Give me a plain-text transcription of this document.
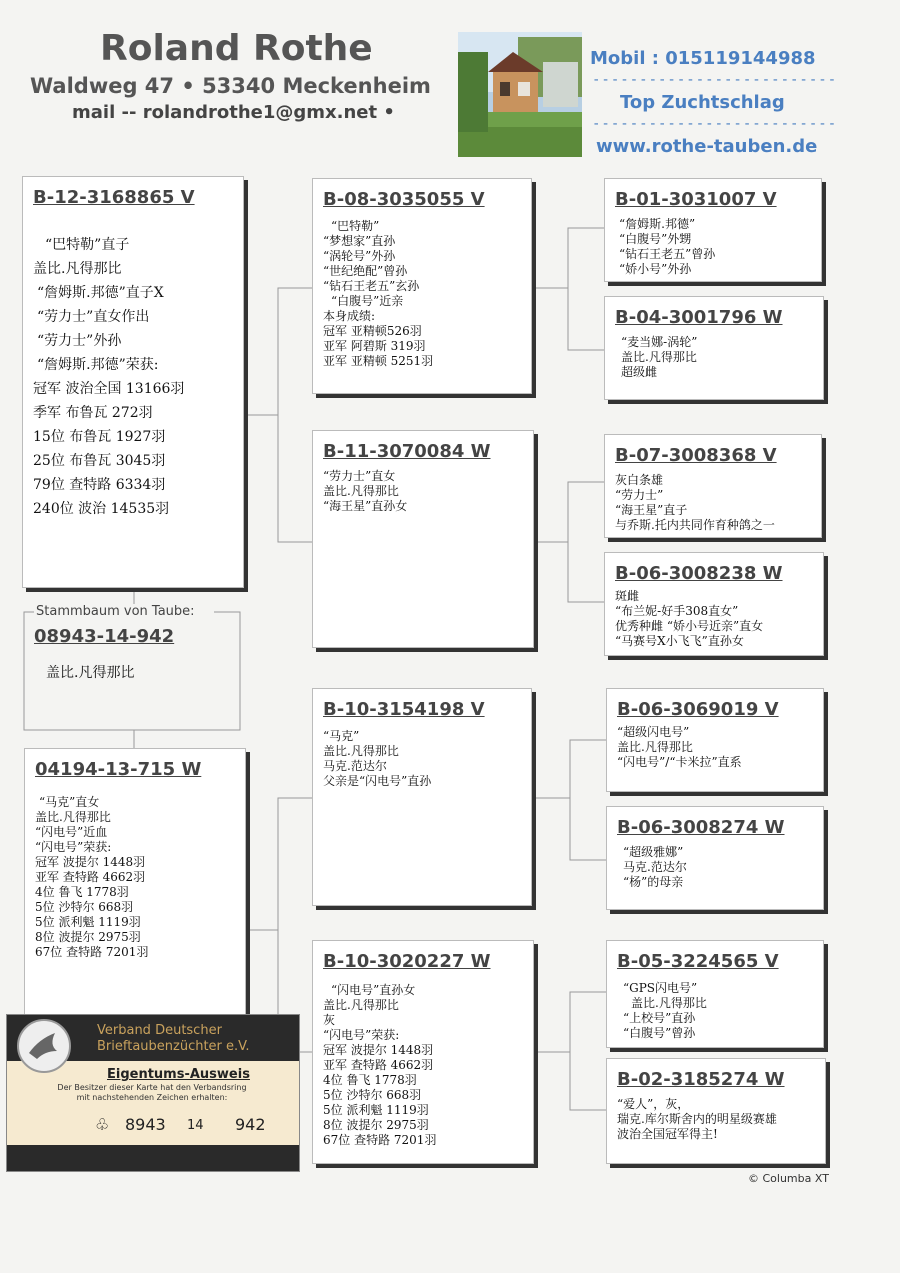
Roland Rothe
Waldweg 47 • 53340 Meckenheim
mail -- rolandrothe1@gmx.net •
Mobil : 015119144988
--------------------------
Top Zuchtschlag
--------------------------
www.rothe-tauben.de
Stammbaum von Taube:
08943-14-942
盖比.凡得那比
B-12-3168865 V
“巴特勒”直子
盖比.凡得那比
“詹姆斯.邦德”直子X
“劳力士”直女作出
“劳力士”外孙
“詹姆斯.邦德”荣获:
冠军 波治全国 13166羽
季军 布鲁瓦 272羽
15位 布鲁瓦 1927羽
25位 布鲁瓦 3045羽
79位 查特路 6334羽
240位 波治 14535羽
04194-13-715 W
“马克”直女
盖比.凡得那比
“闪电号”近血
“闪电号”荣获:
冠军 波提尔 1448羽
亚军 查特路 4662羽
4位 鲁飞 1778羽
5位 沙特尔 668羽
5位 派利魁 1119羽
8位 波提尔 2975羽
67位 查特路 7201羽
B-08-3035055 V
“巴特勒”
“梦想家”直孙
“涡轮号”外孙
“世纪绝配”曾孙
“钻石王老五”玄孙
“白腹号”近亲
本身成绩:
冠军 亚精顿526羽
亚军 阿碧斯 319羽
亚军 亚精顿 5251羽
B-11-3070084 W
“劳力士”直女
盖比.凡得那比
“海王星”直孙女
B-10-3154198 V
“马克”
盖比.凡得那比
马克.范达尔
父亲是“闪电号”直孙
B-10-3020227 W
“闪电号”直孙女
盖比.凡得那比
灰
“闪电号”荣获:
冠军 波提尔 1448羽
亚军 查特路 4662羽
4位 鲁飞 1778羽
5位 沙特尔 668羽
5位 派利魁 1119羽
8位 波提尔 2975羽
67位 查特路 7201羽
B-01-3031007 V
“詹姆斯.邦德”
“白腹号”外甥
“钻石王老五”曾孙
“娇小号”外孙
B-04-3001796 W
“麦当娜-涡轮”
盖比.凡得那比
超级雌
B-07-3008368 V
灰白条雄
“劳力士”
“海王星”直子
与乔斯.托内共同作育种鸽之一
B-06-3008238 W
斑雌
“布兰妮-好手308直女”
优秀种雌 “娇小号近亲”直女
“马赛号X小飞飞”直孙女
B-06-3069019 V
“超级闪电号”
盖比.凡得那比
“闪电号”/“卡米拉”直系
B-06-3008274 W
“超级雅娜”
马克.范达尔
“杨”的母亲
B-05-3224565 V
“GPS闪电号”
盖比.凡得那比
“上校号”直孙
“白腹号”曾孙
B-02-3185274 W
“爱人”，灰，
瑞克.库尔斯舍内的明星级赛雄
波治全国冠军得主!
Verband Deutscher
Brieftaubenzüchter e.V.
Eigentums-Ausweis
Der Besitzer dieser Karte hat den Verbandsring
mit nachstehenden Zeichen erhalten:
♧ 8943 14 942
© Columba XT
